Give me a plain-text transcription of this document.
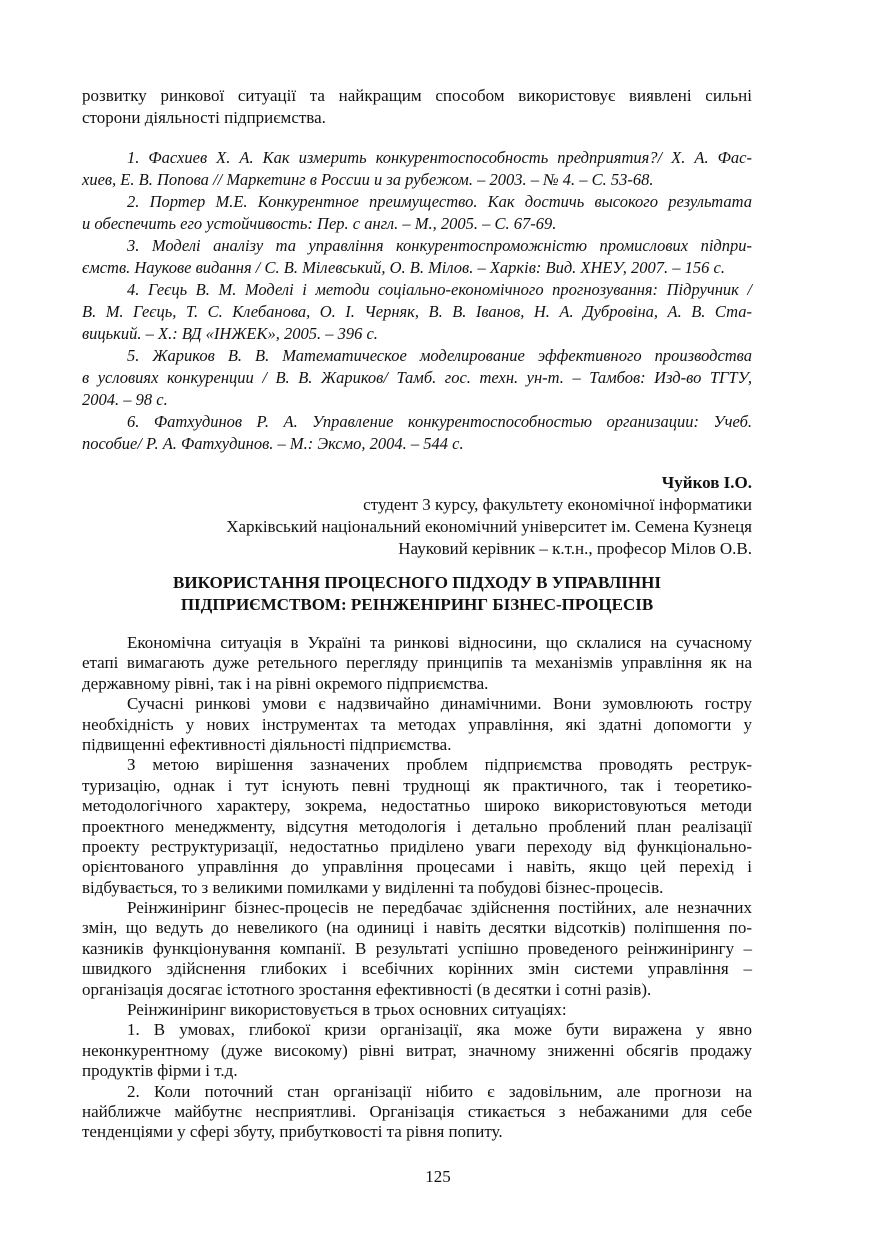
розвитку ринкової ситуації та найкращим способом використовує виявлені сильні
сторони діяльності підприємства.
1. Фасхиев Х. А. Как измерить конкурентоспособность предприятия?/ Х. А. Фас-
хиев, Е. В. Попова // Маркетинг в России и за рубежом. – 2003. – № 4. – С. 53-68.
2. Портер М.Е. Конкурентное преимущество. Как достичь высокого результата
и обеспечить его устойчивость: Пер. с англ. – М., 2005. – С. 67-69.
3. Моделі аналізу та управління конкурентоспроможністю промислових підпри-
ємств. Наукове видання / С. В. Мілевський, О. В. Мілов. – Харків: Вид. ХНЕУ, 2007. – 156 с.
4. Геєць В. М. Моделі і методи соціально-економічного прогнозування: Підручник /
В. М. Геєць, Т. С. Клебанова, О. І. Черняк, В. В. Іванов, Н. А. Дубровіна, А. В. Ста-
вицький. – Х.: ВД «ІНЖЕК», 2005. – 396 с.
5. Жариков В. В. Математическое моделирование эффективного производства
в условиях конкуренции / В. В. Жариков/ Тамб. гос. техн. ун-т. – Тамбов: Изд-во ТГТУ,
2004. – 98 с.
6. Фатхудинов Р. А. Управление конкурентоспособностью организации: Учеб.
пособие/ Р. А. Фатхудинов. – М.: Эксмо, 2004. – 544 с.
Чуйков І.О.
студент 3 курсу, факультету економічної інформатики
Харківський національний економічний університет ім. Семена Кузнеця
Науковий керівник – к.т.н., професор Мілов О.В.
ВИКОРИСТАННЯ ПРОЦЕСНОГО ПІДХОДУ В УПРАВЛІННІ
ПІДПРИЄМСТВОМ: РЕІНЖЕНІРИНГ БІЗНЕС-ПРОЦЕСІВ
Економічна ситуація в Україні та ринкові відносини, що склалися на сучасному
етапі вимагають дуже ретельного перегляду принципів та механізмів управління як на
державному рівні, так і на рівні окремого підприємства.
Сучасні ринкові умови є надзвичайно динамічними. Вони зумовлюють гостру
необхідність у нових інструментах та методах управління, які здатні допомогти у
підвищенні ефективності діяльності підприємства.
З метою вирішення зазначених проблем підприємства проводять реструк-
туризацію, однак і тут існують певні труднощі як практичного, так і теоретико-
методологічного характеру, зокрема, недостатньо широко використовуються методи
проектного менеджменту, відсутня методологія і детально проблений план реалізації
проекту реструктуризації, недостатньо приділено уваги переходу від функціонально-
орієнтованого управління до управління процесами і навіть, якщо цей перехід і
відбувається, то з великими помилками у виділенні та побудові бізнес-процесів.
Реінжиніринг бізнес-процесів не передбачає здійснення постійних, але незначних
змін, що ведуть до невеликого (на одиниці і навіть десятки відсотків) поліпшення по-
казників функціонування компанії. В результаті успішно проведеного реінжинірингу –
швидкого здійснення глибоких і всебічних корінних змін системи управління –
організація досягає істотного зростання ефективності (в десятки і сотні разів).
Реінжиніринг використовується в трьох основних ситуаціях:
1. В умовах, глибокої кризи організації, яка може бути виражена у явно
неконкурентному (дуже високому) рівні витрат, значному зниженні обсягів продажу
продуктів фірми і т.д.
2. Коли поточний стан організації нібито є задовільним, але прогнози на
найближче майбутнє несприятливі. Організація стикається з небажаними для себе
тенденціями у сфері збуту, прибутковості та рівня попиту.
125
